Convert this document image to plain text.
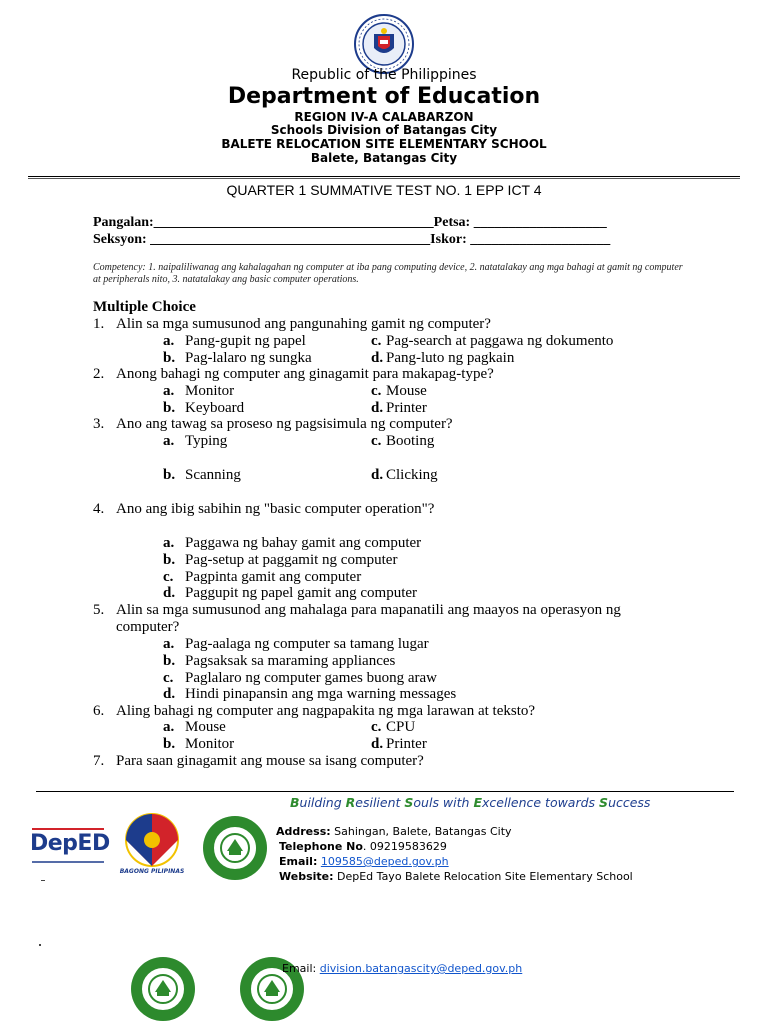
Republic of the Philippines
Department of Education
REGION IV-A CALABARZON
Schools Division of Batangas City
BALETE RELOCATION SITE ELEMENTARY SCHOOL
Balete, Batangas City
QUARTER 1 SUMMATIVE TEST NO. 1 EPP ICT 4
Pangalan:________________________________________Petsa: ___________________
Seksyon: ________________________________________Iskor: ____________________
Competency: 1. naipaliliwanag ang kahalagahan ng computer at iba pang computing device, 2. natatalakay ang mga bahagi at gamit ng computer at peripherals nito, 3. natatalakay ang basic computer operations.
Multiple Choice
1. Alin sa mga sumusunod ang pangunahing gamit ng computer?
a. Pang-gupit ng papel	c. Pag-search at paggawa ng dokumento
b. Pag-lalaro ng sungka	d. Pang-luto ng pagkain
2. Anong bahagi ng computer ang ginagamit para makapag-type?
a. Monitor	c. Mouse
b. Keyboard	d. Printer
3. Ano ang tawag sa proseso ng pagsisimula ng computer?
a. Typing	c. Booting
b. Scanning	d. Clicking
4. Ano ang ibig sabihin ng "basic computer operation"?
a. Paggawa ng bahay gamit ang computer
b. Pag-setup at paggamit ng computer
c. Pagpinta gamit ang computer
d. Paggupit ng papel gamit ang computer
5. Alin sa mga sumusunod ang mahalaga para mapanatili ang maayos na operasyon ng
computer?
a. Pag-aalaga ng computer sa tamang lugar
b. Pagsaksak sa maraming appliances
c. Paglalaro ng computer games buong araw
d. Hindi pinapansin ang mga warning messages
6. Aling bahagi ng computer ang nagpapakita ng mga larawan at teksto?
a. Mouse	c. CPU
b. Monitor	d. Printer
7. Para saan ginagamit ang mouse sa isang computer?
Building Resilient Souls with Excellence towards Success
DepED
BAGONG PILIPINAS
Address: Sahingan, Balete, Batangas City
Telephone No. 09219583629
Email: 109585@deped.gov.ph
Website: DepEd Tayo Balete Relocation Site Elementary School
Email: division.batangascity@deped.gov.ph
